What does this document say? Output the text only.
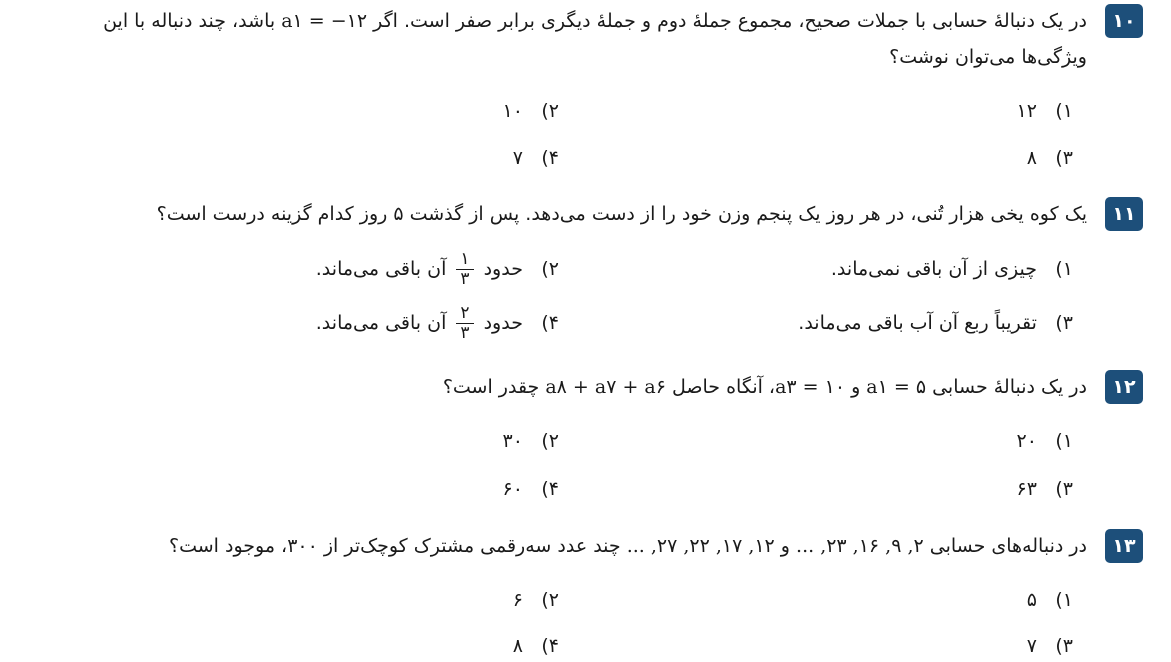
۱۰
در یک دنبالهٔ حسابی با جملات صحیح، مجموع جملهٔ دوم و جملهٔ دیگری برابر صفر است. اگر a۱ = −۱۲ باشد، چند دنباله با این ویژگی‌ها می‌توان نوشت؟
۱) ۱۲
۲) ۱۰
۳) ۸
۴) ۷
۱۱
یک کوه یخی هزار تُنی، در هر روز یک پنجم وزن خود را از دست می‌دهد. پس از گذشت ۵ روز کدام گزینه درست است؟
۱) چیزی از آن باقی نمی‌ماند.
۲) حدود
$\frac{۱}{۳}$
آن باقی می‌ماند.
۳) تقریباً ربع آن آب باقی می‌ماند.
۴) حدود
$\frac{۲}{۳}$
آن باقی می‌ماند.
۱۲
در یک دنبالهٔ حسابی a۱ = ۵ و a۳ = ۱۰، آنگاه حاصل a۸ + a۷ + a۶ چقدر است؟
۱) ۲۰
۲) ۳۰
۳) ۶۳
۴) ۶۰
۱۳
در دنباله‌های حسابی ... ,۲۳ ,۱۶ ,۹ ,۲ و ... ,۲۷ ,۲۲ ,۱۷ ,۱۲ چند عدد سه‌رقمی مشترک کوچک‌تر از ۳۰۰، موجود است؟
۱) ۵
۲) ۶
۳) ۷
۴) ۸
